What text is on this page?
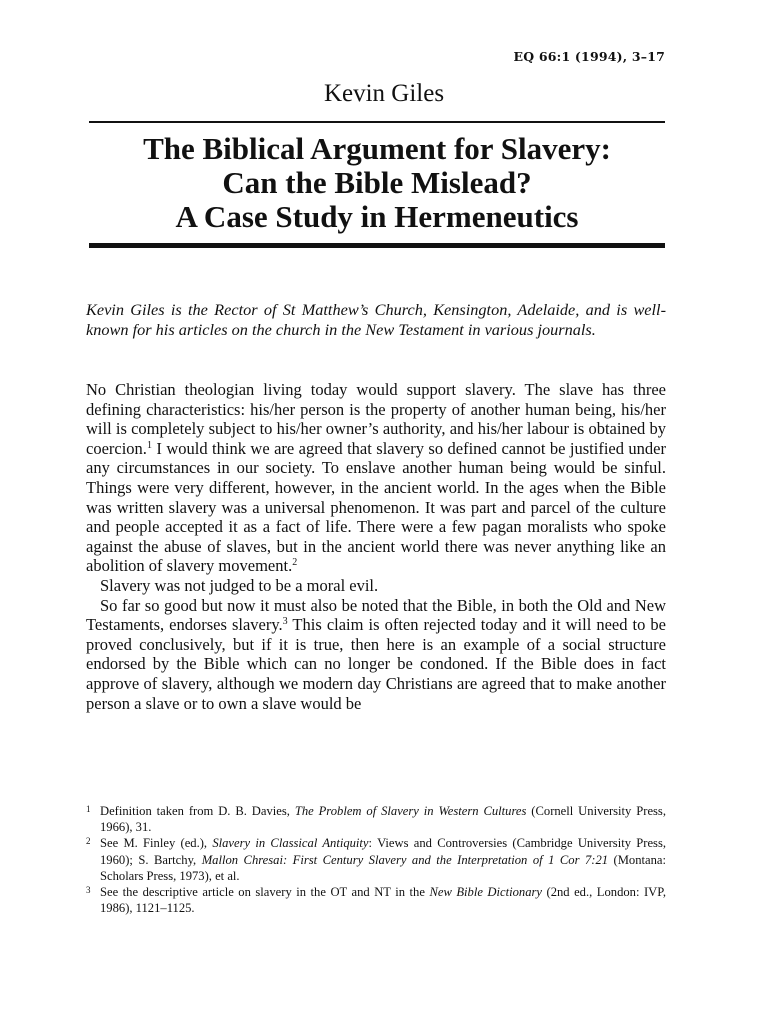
EQ 66:1 (1994), 3–17
Kevin Giles
The Biblical Argument for Slavery:
Can the Bible Mislead?
A Case Study in Hermeneutics
Kevin Giles is the Rector of St Matthew’s Church, Kensington, Adelaide, and is well-known for his articles on the church in the New Testament in various journals.

No Christian theologian living today would support slavery. The slave has three defining characteristics: his/her person is the property of another human being, his/her will is completely subject to his/her owner’s authority, and his/her labour is obtained by coercion.$^1$ I would think we are agreed that slavery so defined cannot be justified under any circumstances in our society. To enslave another human being would be sinful. Things were very different, however, in the ancient world. In the ages when the Bible was written slavery was a universal phenomenon. It was part and parcel of the culture and people accepted it as a fact of life. There were a few pagan moralists who spoke against the abuse of slaves, but in the ancient world there was never anything like an abolition of slavery movement.$^2$

Slavery was not judged to be a moral evil.

So far so good but now it must also be noted that the Bible, in both the Old and New Testaments, endorses slavery.$^3$ This claim is often rejected today and it will need to be proved conclusively, but if it is true, then here is an example of a social structure endorsed by the Bible which can no longer be condoned. If the Bible does in fact approve of slavery, although we modern day Christians are agreed that to make another person a slave or to own a slave would be

1 Definition taken from D. B. Davies, The Problem of Slavery in Western Cultures (Cornell University Press, 1966), 31.

2 See M. Finley (ed.), Slavery in Classical Antiquity: Views and Controversies (Cambridge University Press, 1960); S. Bartchy, Mallon Chresai: First Century Slavery and the Interpretation of 1 Cor 7:21 (Montana: Scholars Press, 1973), et al.

3 See the descriptive article on slavery in the OT and NT in the New Bible Dictionary (2nd ed., London: IVP, 1986), 1121–1125.
